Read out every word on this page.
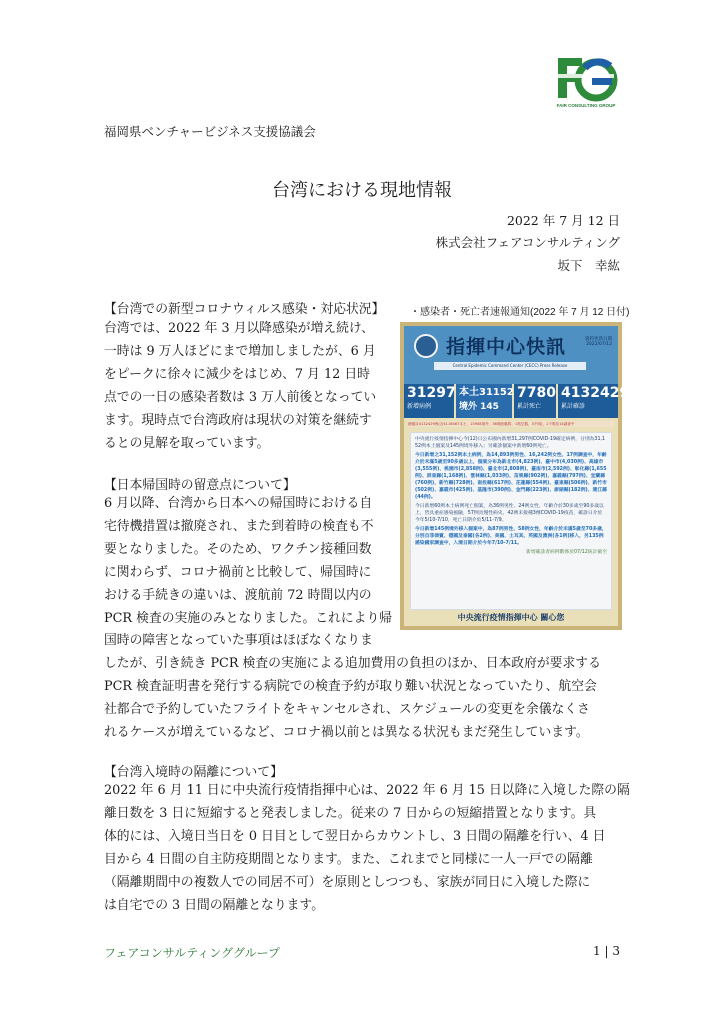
FAIR CONSULTING GROUP
福岡県ベンチャービジネス支援協議会
台湾における現地情報
2022 年 7 月 12 日
株式会社フェアコンサルティング
坂下　幸紘
【台湾での新型コロナウィルス感染・対応状況】
台湾では、2022 年 3 月以降感染が増え続け、
一時は 9 万人ほどにまで増加しましたが、6 月
をピークに徐々に減少をはじめ、7 月 12 日時
点での一日の感染者数は 3 万人前後となってい
ます。現時点で台湾政府は現状の対策を継続す
るとの見解を取っています。
【日本帰国時の留意点について】
6 月以降、台湾から日本への帰国時における自
宅待機措置は撤廃され、また到着時の検査も不
要となりました。そのため、ワクチン接種回数
に関わらず、コロナ禍前と比較して、帰国時に
おける手続きの違いは、渡航前 72 時間以内の
PCR 検査の実施のみとなりました。これにより帰
国時の障害となっていた事項はほぼなくなりま
したが、引き続き PCR 検査の実施による追加費用の負担のほか、日本政府が要求する
PCR 検査証明書を発行する病院での検査予約が取り難い状況となっていたり、航空会
社都合で予約していたフライトをキャンセルされ、スケジュールの変更を余儀なくさ
れるケースが増えているなど、コロナ禍以前とは異なる状況もまだ発生しています。
【台湾入境時の隔離について】
2022 年 6 月 11 日に中央流行疫情指揮中心は、2022 年 6 月 15 日以降に入境した際の隔
離日数を 3 日に短縮すると発表しました。従来の 7 日からの短縮措置となります。具
体的には、入境日当日を 0 日目として翌日からカウントし、3 日間の隔離を行い、4 日
目から 4 日間の自主防疫期間となります。また、これまでと同様に一人一戸での隔離
（隔離期間中の複数人での同居不可）を原則としつつも、家族が同日に入境した際に
は自宅での 3 日間の隔離となります。
・感染者・死亡者速報通知(2022 年 7 月 12 日付)
指揮中心快訊	資料更新日期
2022/07/12
Central Epidemic Command Center (CECC) Press Release
31297
新增病例
本土31152
境外 145
7780
累計死亡
4132429
累計確診
總確診4132429例(含4116467本土、15908境外、36敦睦艦隊、1航空器、3不明)，1不明及14調查中

中央流行疫情指揮中心今(12)日公布國內新增31,297例COVID-19確定病例，分別為31,152例本土個案及145例境外移入；另確診個案中新增60例死亡。

今日新增之31,152例本土病例，為14,893例男性、16,242例女性、17例調查中，年齡介於未滿5歲至90多歲以上，個案分布為新北市(4,823例)、臺中市(4,030例)、高雄市(3,555例)、桃園市(2,858例)、臺北市(2,808例)、臺南市(2,592例)、彰化縣(1,655例)、屏東縣(1,168例)、雲林縣(1,033例)、苗栗縣(902例)、嘉義縣(797例)、宜蘭縣(760例)、新竹縣(728例)、南投縣(617例)、花蓮縣(554例)、臺東縣(506例)、新竹市(502例)、嘉義市(425例)、基隆市(390例)、金門縣(223例)、澎湖縣(182例)、連江縣(44例)。

今日新增60例本土病例死亡個案，為36例男性、24例女性，年齡介於30多歲至90多歲以上，皆具重症感染風險，57例具慢性病史、42例未接種3劑COVID-19疫苗，確診日介於今年5/10-7/10，死亡日期介於5/11-7/9。

今日新增145例境外移入個案中，為87例男性、58例女性，年齡介於未滿5歲至70多歲，分別自菲律賓、德國及泰國(各2例)、美國、土耳其、英國及澳洲(各1例)移入，另135例感染國家調查中，入境日期介於今年7/10-7/11。

新增確診者病例數係於07/12統計截至

中央流行疫情指揮中心 關心您
フェアコンサルティンググループ	1 | 3
